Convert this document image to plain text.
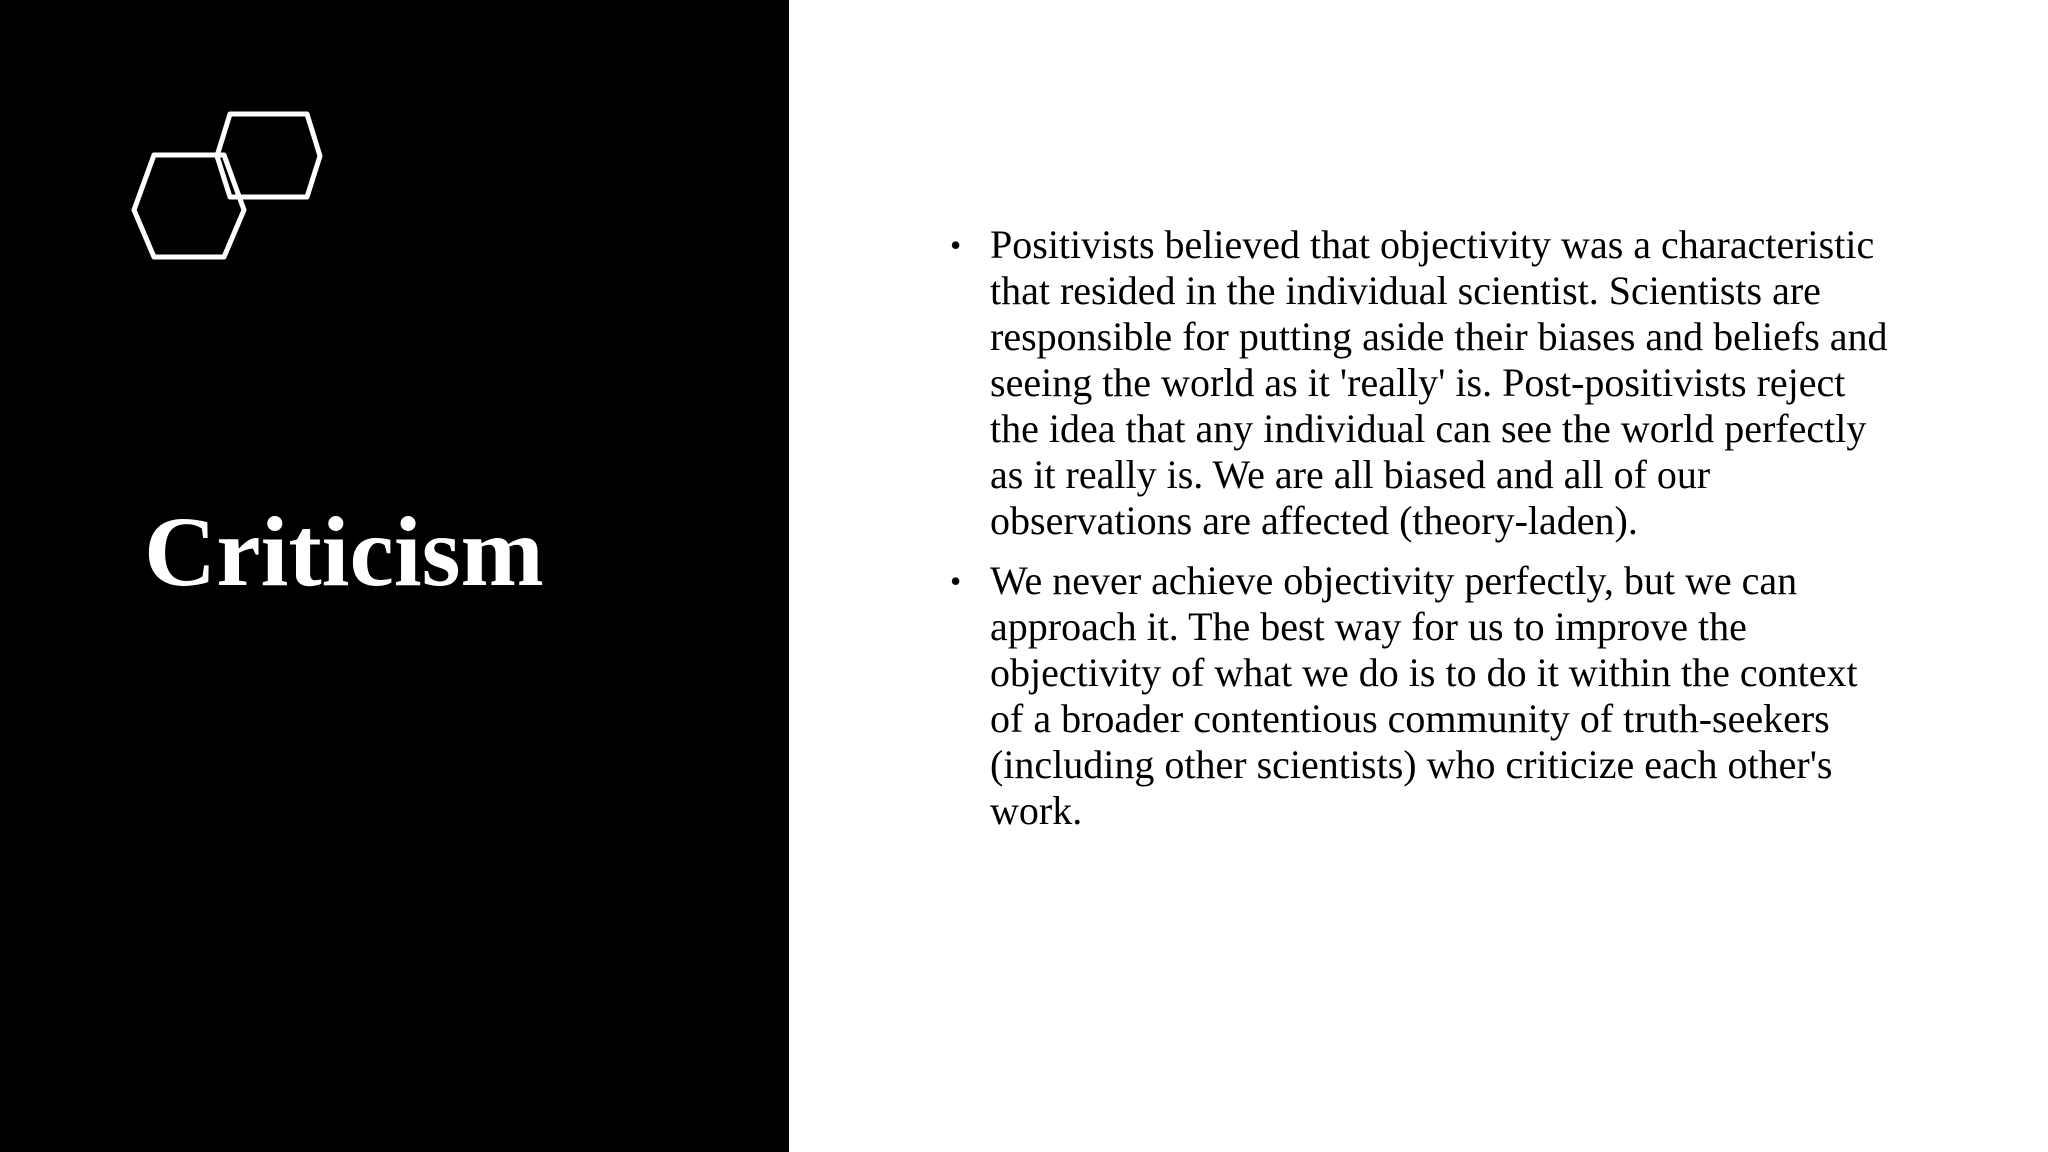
Criticism
• Positivists believed that objectivity was a characteristic that resided in the individual scientist. Scientists are responsible for putting aside their biases and beliefs and seeing the world as it 'really' is. Post-positivists reject the idea that any individual can see the world perfectly as it really is. We are all biased and all of our observations are affected (theory-laden).
• We never achieve objectivity perfectly, but we can approach it. The best way for us to improve the objectivity of what we do is to do it within the context of a broader contentious community of truth-seekers (including other scientists) who criticize each other's work.
